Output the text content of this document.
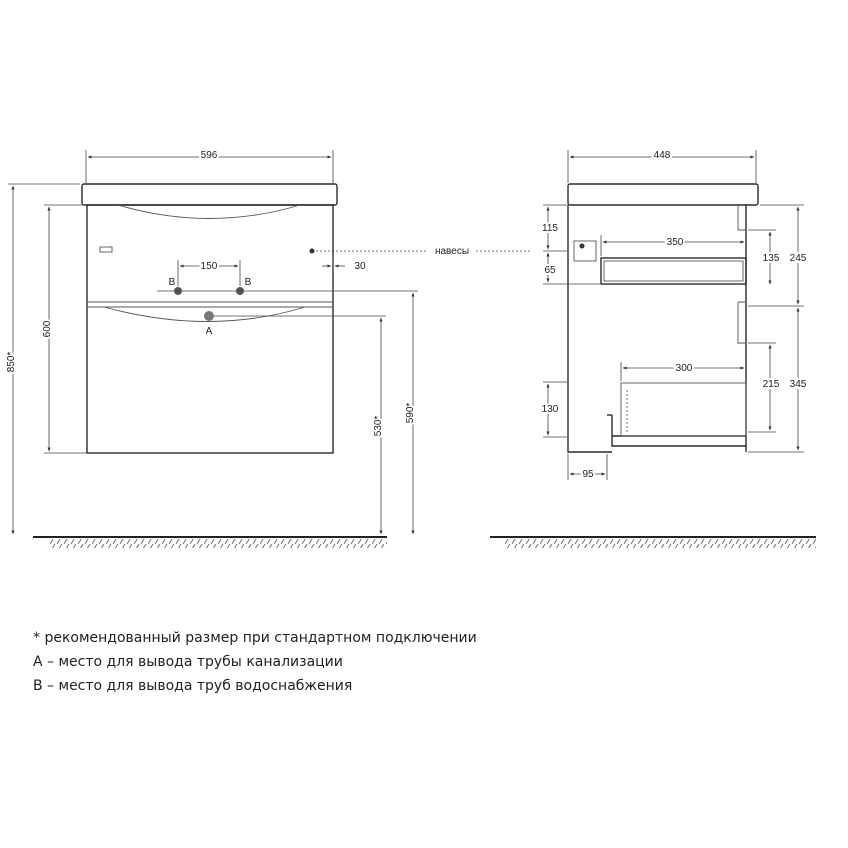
596
850*
600
150
B	B
A
30
530*
590*
навесы
448
115
65
350
135 245
300
215 345
130
95
* рекомендованный размер при стандартном подключении
A – место для вывода трубы канализации
B – место для вывода труб водоснабжения
